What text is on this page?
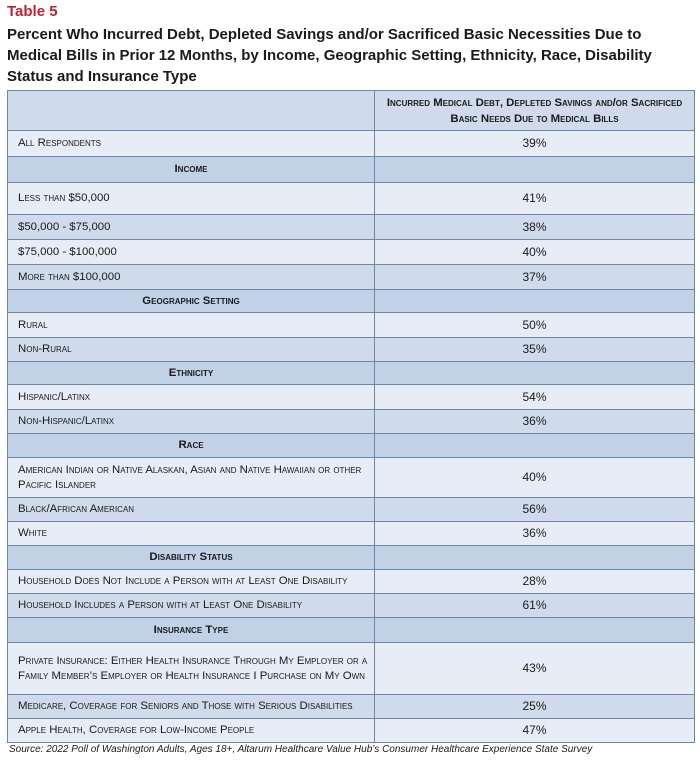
Table 5
Percent Who Incurred Debt, Depleted Savings and/or Sacrificed Basic Necessities Due to Medical Bills in Prior 12 Months, by Income, Geographic Setting, Ethnicity, Race, Disability Status and Insurance Type
	Incurred Medical Debt, Depleted Savings and/or Sacrificed Basic Needs Due to Medical Bills
All Respondents	39%
Income	
Less than $50,000	41%
$50,000 - $75,000	38%
$75,000 - $100,000	40%
More than $100,000	37%
Geographic Setting	
Rural	50%
Non-Rural	35%
Ethnicity	
Hispanic/Latinx	54%
Non-Hispanic/Latinx	36%
Race	
American Indian or Native Alaskan, Asian and Native Hawaiian or other Pacific Islander	40%
Black/African American	56%
White	36%
Disability Status	
Household Does Not Include a Person with at Least One Disability	28%
Household Includes a Person with at Least One Disability	61%
Insurance Type	
Private Insurance: Either Health Insurance Through My Employer or a Family Member’s Employer or Health Insurance I Purchase on My Own	43%
Medicare, Coverage for Seniors and Those with Serious Disabilities	25%
Apple Health, Coverage for Low-Income People	47%
Source: 2022 Poll of Washington Adults, Ages 18+, Altarum Healthcare Value Hub’s Consumer Healthcare Experience State Survey
